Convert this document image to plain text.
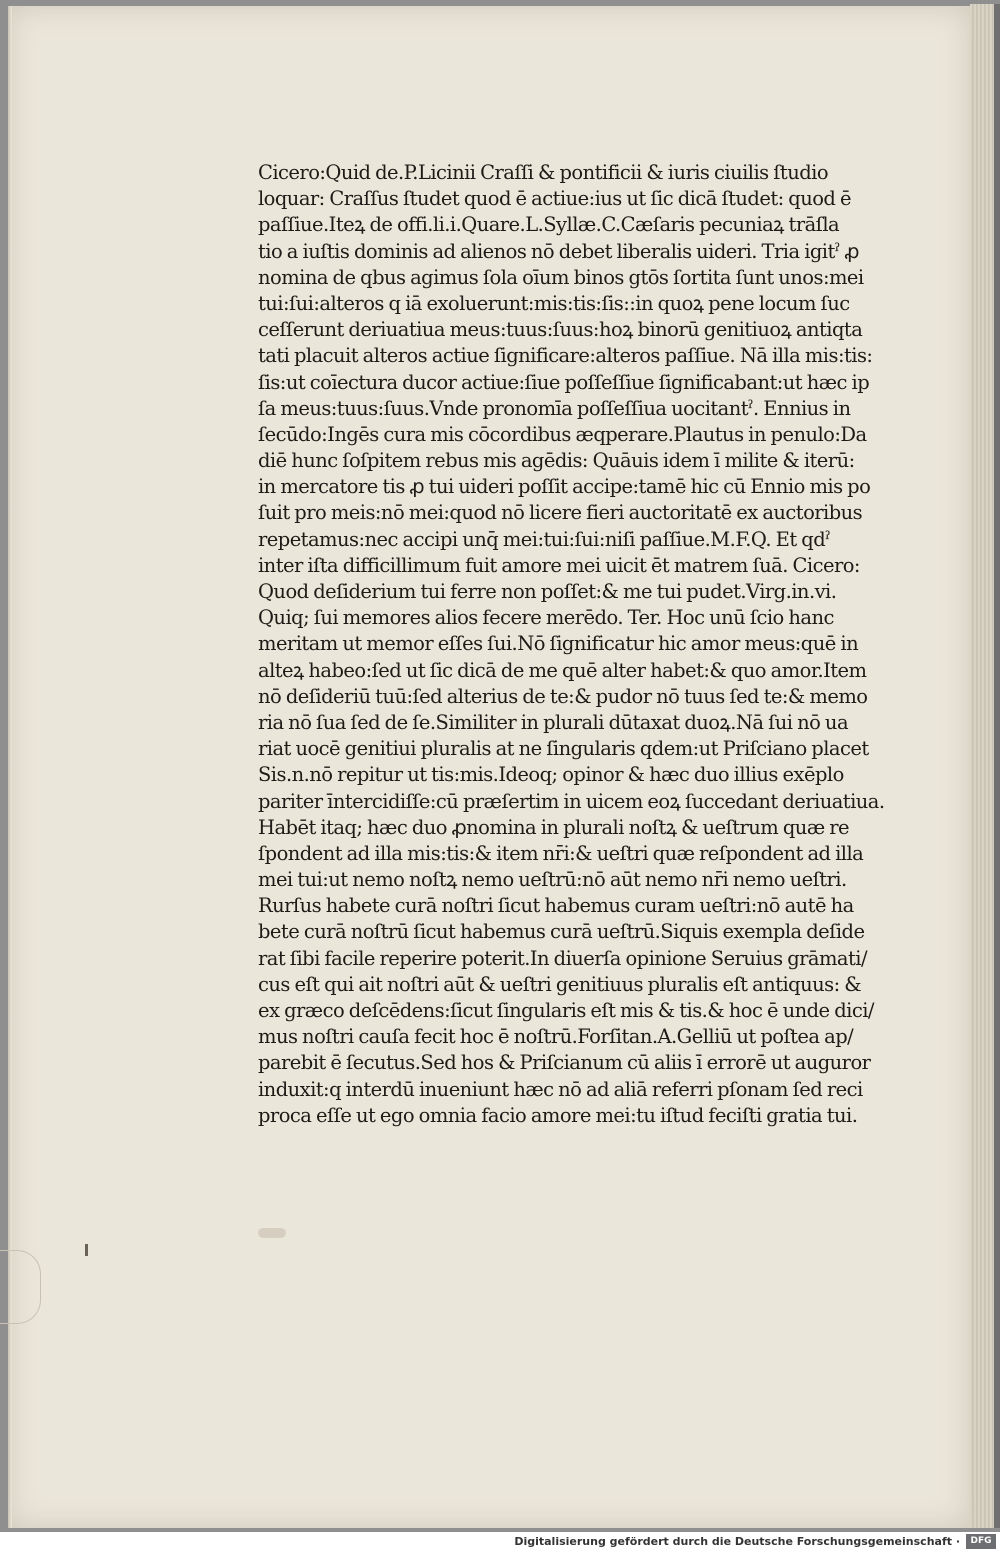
Cicero:Quid de.P.Licinii Craſſi & pontificii & iuris ciuilis ſtudio
loquar: Craſſus ſtudet quod ē actiue:ius ut ſic dicā ſtudet: quod ē
paſſiue.Iteꝝ de offi.li.i.Quare.L.Syllæ.C.Cæſaris pecuniaꝝ trāſla
tio a iuſtis dominis ad alienos nō debet liberalis uideri. Tria igitˀ ꝓ
nomina de qbus agimus ſola oīum binos gtōs ſortita ſunt unos:mei
tui:ſui:alteros q iā exoluerunt:mis:tis:ſis::in quoꝝ pene locum ſuc
ceſſerunt deriuatiua meus:tuus:ſuus:hoꝝ binorū genitiuoꝝ antiqta
tati placuit alteros actiue ſignificare:alteros paſſiue. Nā illa mis:tis:
ſis:ut coīectura ducor actiue:ſiue poſſeſſiue ſignificabant:ut hæc ip
ſa meus:tuus:ſuus.Vnde pronomīa poſſeſſiua uocitantˀ. Ennius in
ſecūdo:Ingēs cura mis cōcordibus æqperare.Plautus in penulo:Da
diē hunc ſoſpitem rebus mis agēdis: Quāuis idem ī milite & iterū:
in mercatore tis ꝓ tui uideri poſſit accipe:tamē hic cū Ennio mis po
ſuit pro meis:nō mei:quod nō licere fieri auctoritatē ex auctoribus
repetamus:nec accipi unq̄ mei:tui:ſui:niſi paſſiue.M.F.Q. Et qdˀ
inter iſta difficillimum fuit amore mei uicit ēt matrem ſuā. Cicero:
Quod deſiderium tui ferre non poſſet:& me tui pudet.Virg.in.vi.
Quiq; ſui memores alios fecere merēdo. Ter. Hoc unū ſcio hanc
meritam ut memor eſſes ſui.Nō ſignificatur hic amor meus:quē in
alteꝝ habeo:ſed ut ſic dicā de me quē alter habet:& quo amor.Item
nō deſideriū tuū:ſed alterius de te:& pudor nō tuus ſed te:& memo
ria nō ſua ſed de ſe.Similiter in plurali dūtaxat duoꝝ.Nā ſui nō ua
riat uocē genitiui pluralis at ne ſingularis qdem:ut Priſciano placet
Sis.n.nō repitur ut tis:mis.Ideoq; opinor & hæc duo illius exēplo
pariter īntercidiſſe:cū præſertim in uicem eoꝝ ſuccedant deriuatiua.
Habēt itaq; hæc duo ꝓnomina in plurali noſtꝝ & ueſtrum quæ re
ſpondent ad illa mis:tis:& item nr̄i:& ueſtri quæ reſpondent ad illa
mei tui:ut nemo noſtꝝ nemo ueſtrū:nō aūt nemo nr̄i nemo ueſtri.
Rurſus habete curā noſtri ſicut habemus curam ueſtri:nō autē ha
bete curā noſtrū ſicut habemus curā ueſtrū.Siquis exempla deſide
rat ſibi facile reperire poterit.In diuerſa opinione Seruius grāmati/
cus eſt qui ait noſtri aūt & ueſtri genitiuus pluralis eſt antiquus: &
ex græco deſcēdens:ſicut ſingularis eſt mis & tis.& hoc ē unde dici/
mus noſtri cauſa fecit hoc ē noſtrū.Forſitan.A.Gelliū ut poſtea ap/
parebit ē ſecutus.Sed hos & Priſcianum cū aliis ī errorē ut auguror
induxit:q interdū inueniunt hæc nō ad aliā referri pſonam ſed reci
proca eſſe ut ego omnia facio amore mei:tu iſtud feciſti gratia tui.
Digitalisierung gefördert durch die Deutsche Forschungsgemeinschaft ·	DFG
